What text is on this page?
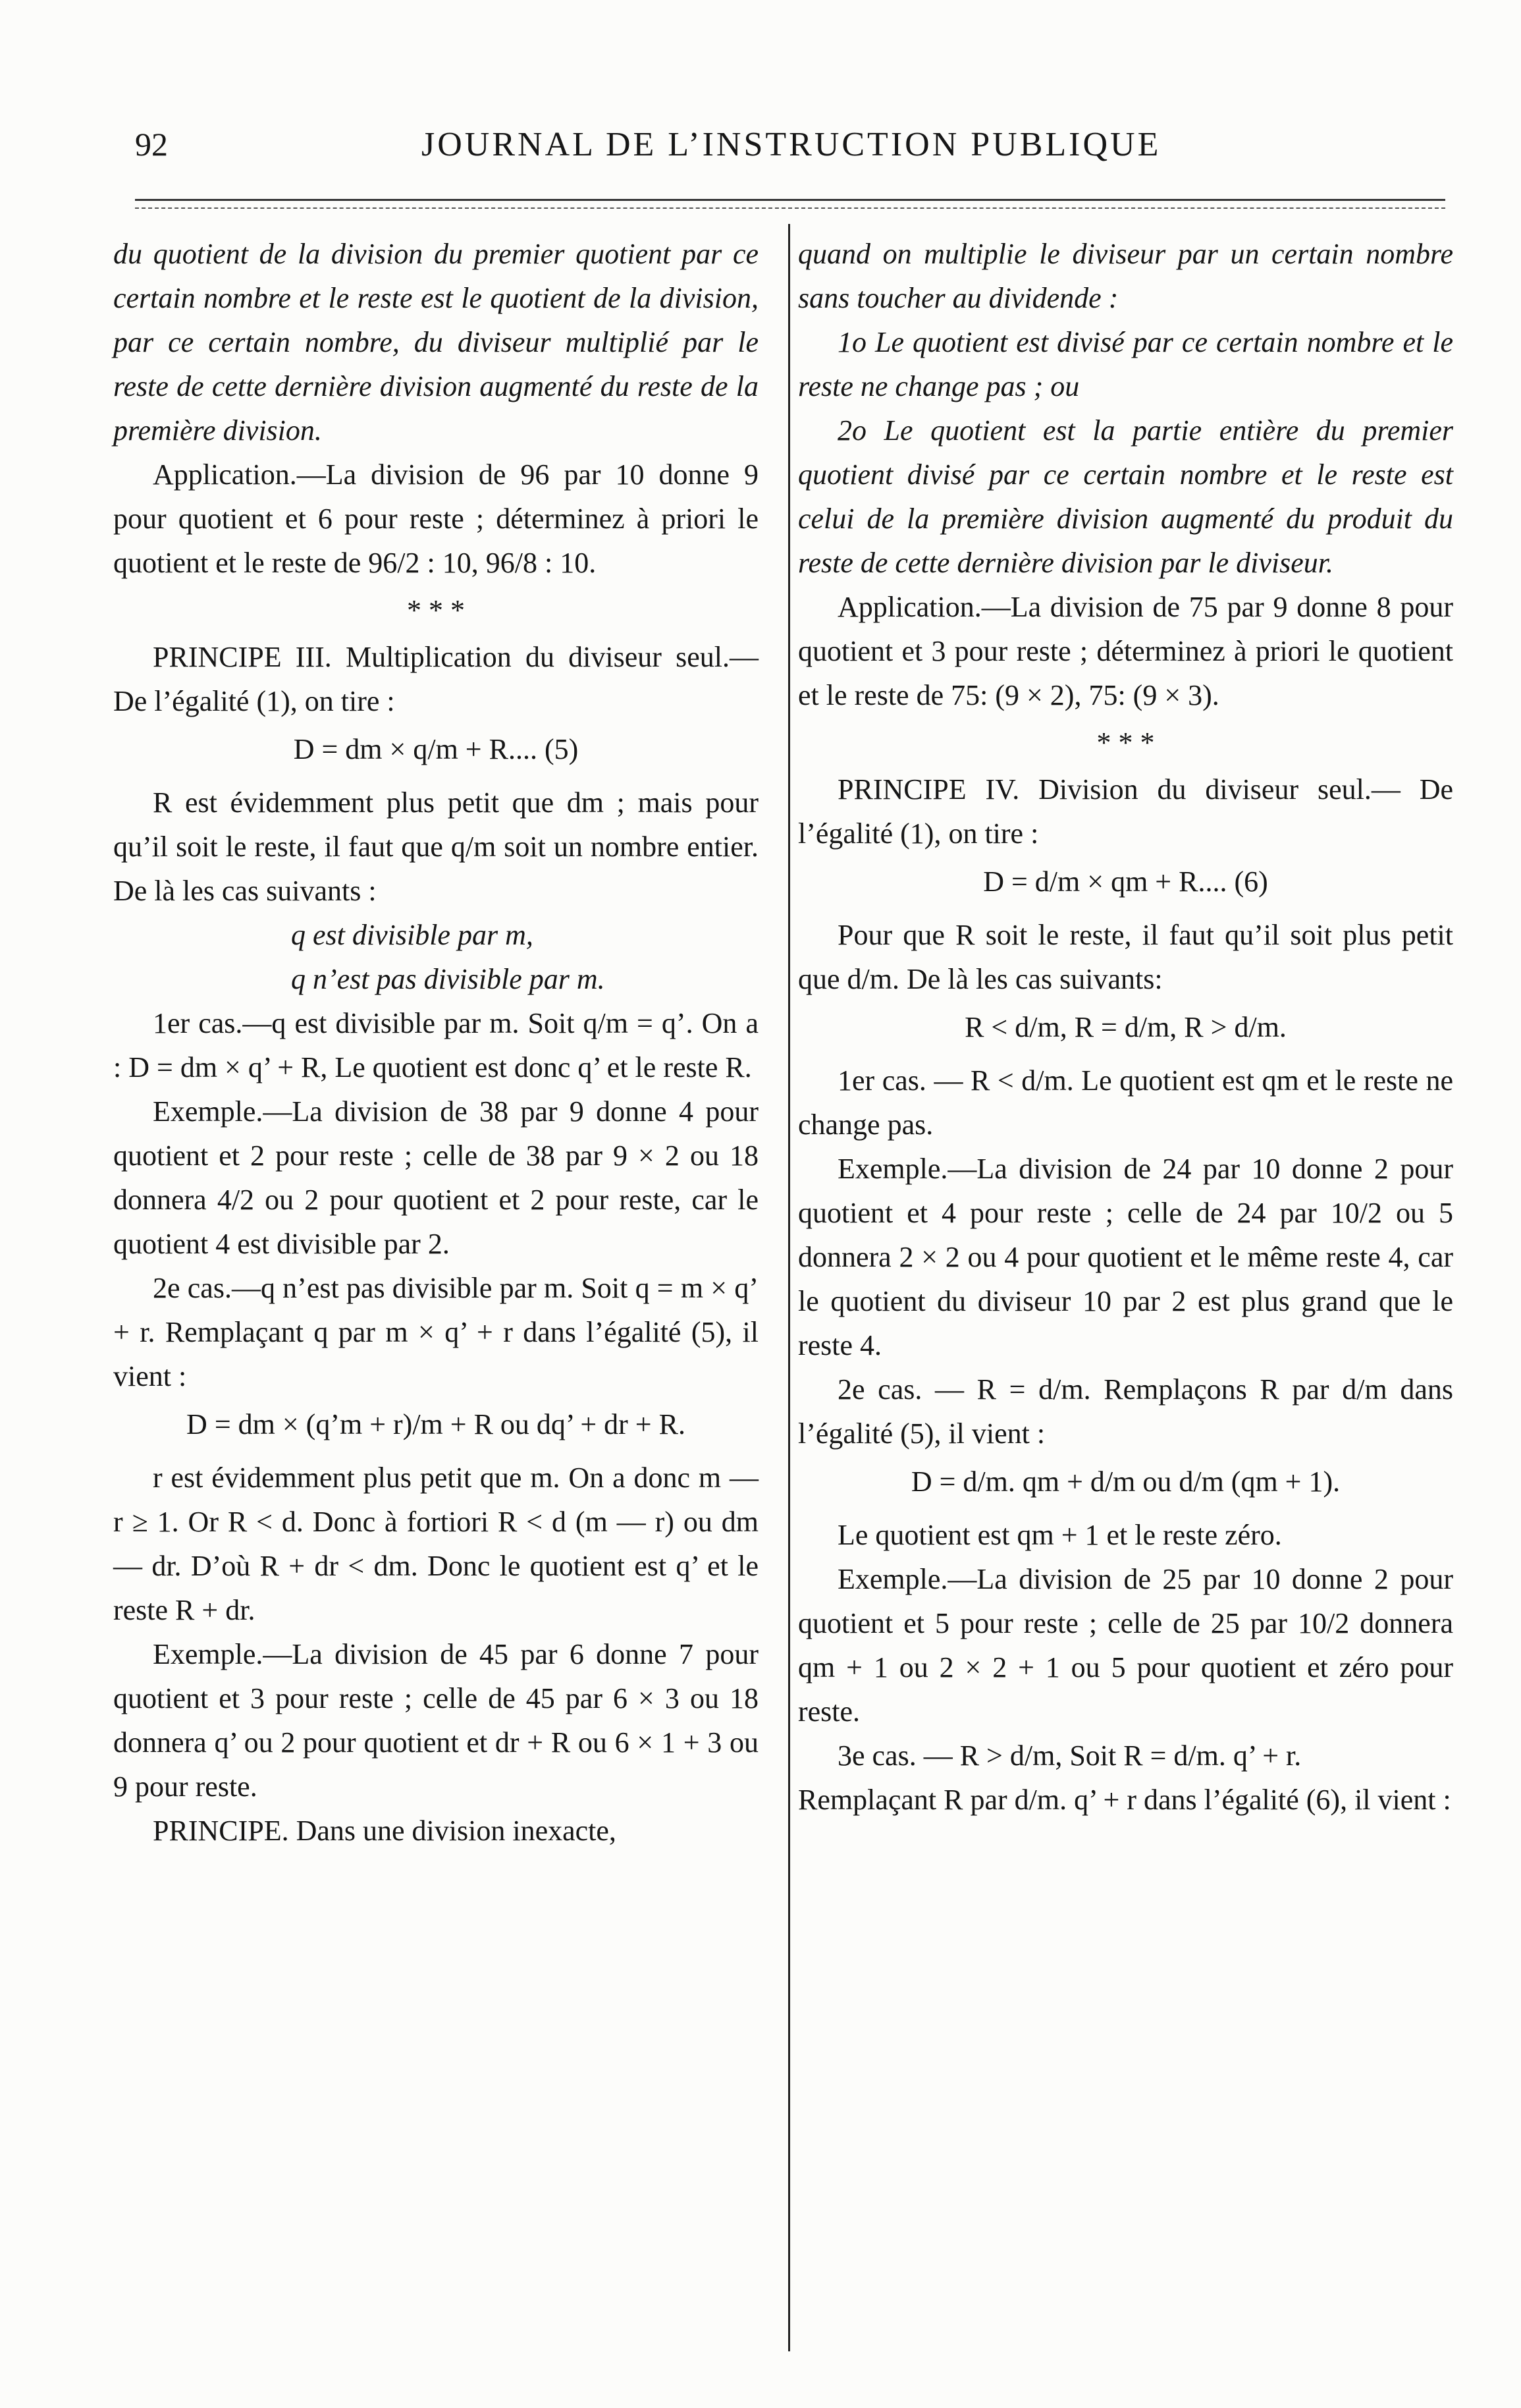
92	JOURNAL DE L’INSTRUCTION PUBLIQUE

du quotient de la division du premier quotient par ce certain nombre et le reste est le quotient de la division, par ce certain nombre, du diviseur multiplié par le reste de cette dernière division augmenté du reste de la première division.

Application.—La division de 96 par 10 donne 9 pour quotient et 6 pour reste ; déterminez à priori le quotient et le reste de 96/2 : 10, 96/8 : 10.

* * *

PRINCIPE III. Multiplication du diviseur seul.—De l’égalité (1), on tire :

D = dm × q/m + R.... (5)

R est évidemment plus petit que dm ; mais pour qu’il soit le reste, il faut que q/m soit un nombre entier. De là les cas suivants :

q est divisible par m,
q n’est pas divisible par m.

1er cas.—q est divisible par m. Soit q/m = q’. On a : D = dm × q’ + R, Le quotient est donc q’ et le reste R.

Exemple.—La division de 38 par 9 donne 4 pour quotient et 2 pour reste ; celle de 38 par 9 × 2 ou 18 donnera 4/2 ou 2 pour quotient et 2 pour reste, car le quotient 4 est divisible par 2.

2e cas.—q n’est pas divisible par m. Soit q = m × q’ + r. Remplaçant q par m × q’ + r dans l’égalité (5), il vient :

D = dm × (q’m + r)/m + R ou dq’ + dr + R.

r est évidemment plus petit que m. On a donc m — r ≥ 1. Or R < d. Donc à fortiori R < d (m — r) ou dm — dr. D’où R + dr < dm. Donc le quotient est q’ et le reste R + dr.

Exemple.—La division de 45 par 6 donne 7 pour quotient et 3 pour reste ; celle de 45 par 6 × 3 ou 18 donnera q’ ou 2 pour quotient et dr + R ou 6 × 1 + 3 ou 9 pour reste.

PRINCIPE. Dans une division inexacte,

quand on multiplie le diviseur par un certain nombre sans toucher au dividende :

1o Le quotient est divisé par ce certain nombre et le reste ne change pas ; ou

2o Le quotient est la partie entière du premier quotient divisé par ce certain nombre et le reste est celui de la première division augmenté du produit du reste de cette dernière division par le diviseur.

Application.—La division de 75 par 9 donne 8 pour quotient et 3 pour reste ; déterminez à priori le quotient et le reste de 75: (9 × 2), 75: (9 × 3).

* * *

PRINCIPE IV. Division du diviseur seul.— De l’égalité (1), on tire :

D = d/m × qm + R.... (6)

Pour que R soit le reste, il faut qu’il soit plus petit que d/m. De là les cas suivants:

R < d/m, R = d/m, R > d/m.

1er cas. — R < d/m. Le quotient est qm et le reste ne change pas.

Exemple.—La division de 24 par 10 donne 2 pour quotient et 4 pour reste ; celle de 24 par 10/2 ou 5 donnera 2 × 2 ou 4 pour quotient et le même reste 4, car le quotient du diviseur 10 par 2 est plus grand que le reste 4.

2e cas. — R = d/m. Remplaçons R par d/m dans l’égalité (5), il vient :

D = d/m. qm + d/m ou d/m (qm + 1).

Le quotient est qm + 1 et le reste zéro.

Exemple.—La division de 25 par 10 donne 2 pour quotient et 5 pour reste ; celle de 25 par 10/2 donnera qm + 1 ou 2 × 2 + 1 ou 5 pour quotient et zéro pour reste.

3e cas. — R > d/m, Soit R = d/m. q’ + r.

Remplaçant R par d/m. q’ + r dans l’égalité (6), il vient :
